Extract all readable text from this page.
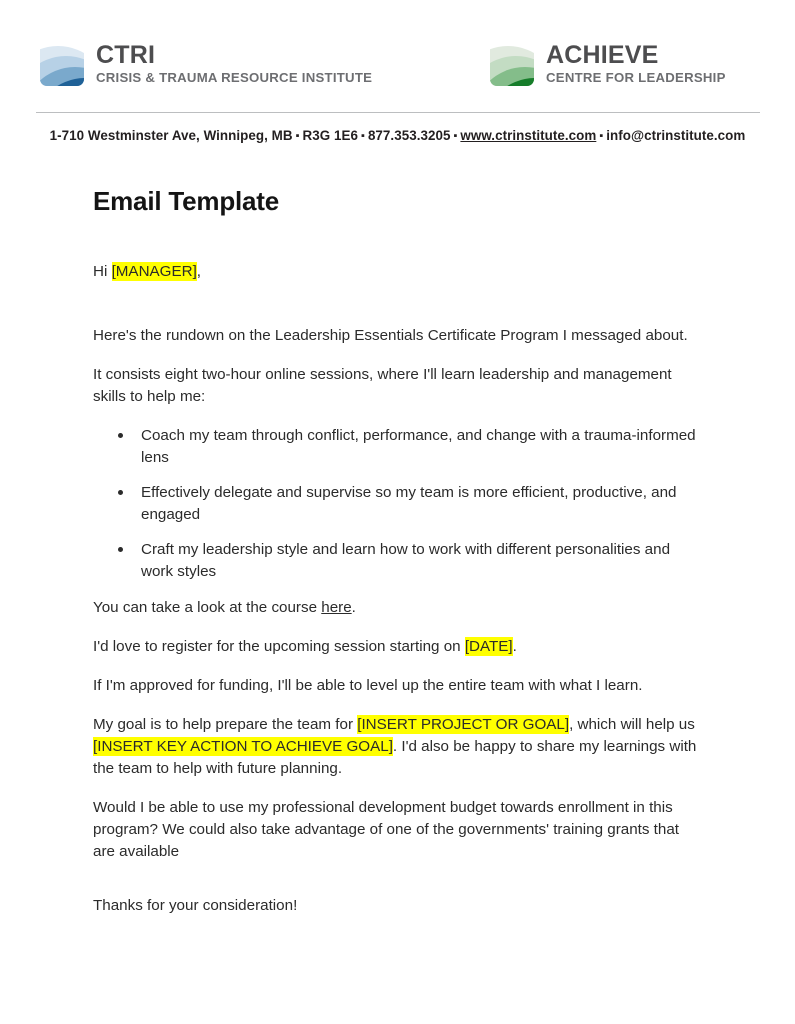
CTRI
CRISIS & TRAUMA RESOURCE INSTITUTE
ACHIEVE
CENTRE FOR LEADERSHIP
1-710 Westminster Ave, Winnipeg, MB ▪ R3G 1E6 ▪ 877.353.3205 ▪ www.ctrinstitute.com ▪ info@ctrinstitute.com
Email Template

Hi [MANAGER],

Here's the rundown on the Leadership Essentials Certificate Program I messaged about.

It consists eight two-hour online sessions, where I'll learn leadership and management skills to help me:

Coach my team through conflict, performance, and change with a trauma-informed lens
Effectively delegate and supervise so my team is more efficient, productive, and engaged
Craft my leadership style and learn how to work with different personalities and work styles

You can take a look at the course here.

I'd love to register for the upcoming session starting on [DATE].

If I'm approved for funding, I'll be able to level up the entire team with what I learn.

My goal is to help prepare the team for [INSERT PROJECT OR GOAL], which will help us [INSERT KEY ACTION TO ACHIEVE GOAL]. I'd also be happy to share my learnings with the team to help with future planning.

Would I be able to use my professional development budget towards enrollment in this program? We could also take advantage of one of the governments' training grants that are available

Thanks for your consideration!
